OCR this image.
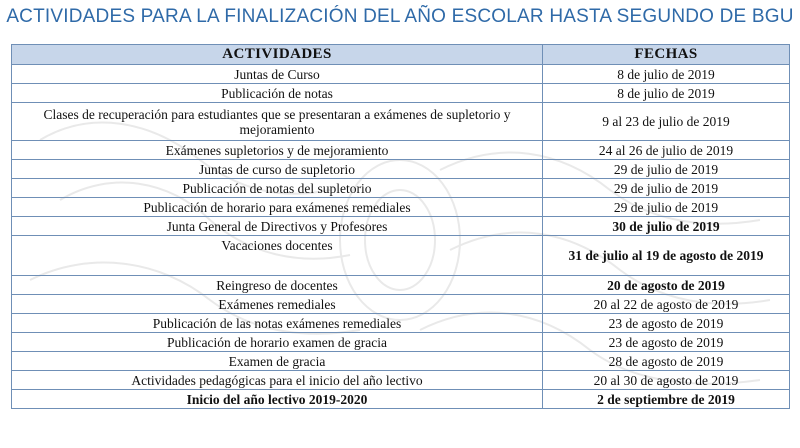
ACTIVIDADES PARA LA FINALIZACIÓN DEL AÑO ESCOLAR HASTA SEGUNDO DE BGU
ACTIVIDADES	FECHAS
Juntas de Curso	8 de julio de 2019
Publicación de notas	8 de julio de 2019
Clases de recuperación para estudiantes que se presentaran a exámenes de supletorio y mejoramiento	9 al 23 de julio de 2019
Exámenes supletorios y de mejoramiento	24 al 26 de julio de 2019
Juntas de curso de supletorio	29 de julio de 2019
Publicación de notas del supletorio	29 de julio de 2019
Publicación de horario para exámenes remediales	29 de julio de 2019
Junta General de Directivos y Profesores	30 de julio de 2019
Vacaciones docentes	31 de julio al 19 de agosto de 2019
Reingreso de docentes	20 de agosto de 2019
Exámenes remediales	20 al 22 de agosto de 2019
Publicación de las notas exámenes remediales	23 de agosto de 2019
Publicación de horario examen de gracia	23 de agosto de 2019
Examen de gracia	28 de agosto de 2019
Actividades pedagógicas para el inicio del año lectivo	20 al 30 de agosto de 2019
Inicio del año lectivo 2019-2020	2 de septiembre de 2019
